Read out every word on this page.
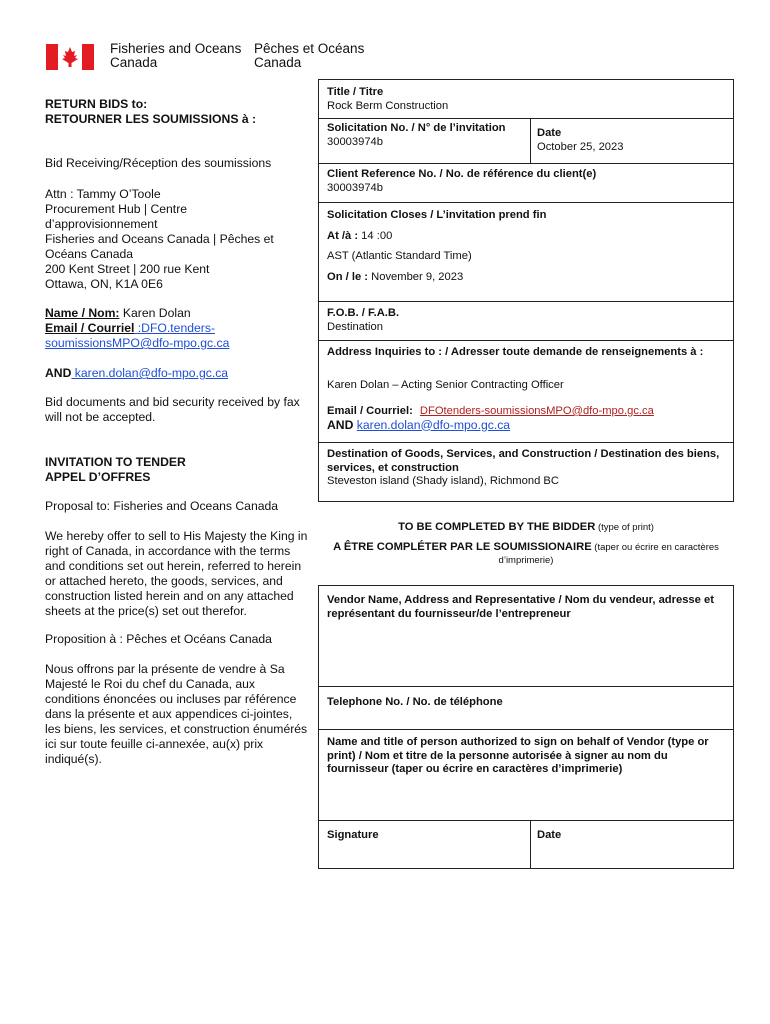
Fisheries and Oceans
Canada
Pêches et Océans
Canada
RETURN BIDS to:
RETOURNER LES SOUMISSIONS à :
Bid Receiving/Réception des soumissions
Attn : Tammy O’Toole
Procurement Hub | Centre
d’approvisionnement
Fisheries and Oceans Canada | Pêches et
Océans Canada
200 Kent Street | 200 rue Kent
Ottawa, ON, K1A 0E6
Name / Nom: Karen Dolan
Email / Courriel :DFO.tenders-
soumissionsMPO@dfo-mpo.gc.ca
AND karen.dolan@dfo-mpo.gc.ca
Bid documents and bid security received by fax will not be accepted.
INVITATION TO TENDER
APPEL D’OFFRES
Proposal to: Fisheries and Oceans Canada
We hereby offer to sell to His Majesty the King in right of Canada, in accordance with the terms and conditions set out herein, referred to herein or attached hereto, the goods, services, and construction listed herein and on any attached sheets at the price(s) set out therefor.
Proposition à : Pêches et Océans Canada
Nous offrons par la présente de vendre à Sa Majesté le Roi du chef du Canada, aux conditions énoncées ou incluses par référence dans la présente et aux appendices ci-jointes, les biens, les services, et construction énumérés ici sur toute feuille ci-annexée, au(x) prix indiqué(s).
Title / Titre
Rock Berm Construction
Solicitation No. / N° de l’invitation
30003974b
Date
October 25, 2023
Client Reference No. / No. de référence du client(e)
30003974b
Solicitation Closes / L’invitation prend fin
At /à : 14 :00
AST (Atlantic Standard Time)
On / le : November 9, 2023
F.O.B. / F.A.B.
Destination
Address Inquiries to : / Adresser toute demande de renseignements à :
Karen Dolan – Acting Senior Contracting Officer
Email / Courriel: DFOtenders-soumissionsMPO@dfo-mpo.gc.ca
AND karen.dolan@dfo-mpo.gc.ca
Destination of Goods, Services, and Construction / Destination des biens, services, et construction
Steveston island (Shady island), Richmond BC
TO BE COMPLETED BY THE BIDDER (type of print)
A ÊTRE COMPLÉTER PAR LE SOUMISSIONAIRE (taper ou écrire en caractères d’imprimerie)
Vendor Name, Address and Representative / Nom du vendeur, adresse et représentant du fournisseur/de l’entrepreneur
Telephone No. / No. de téléphone
Name and title of person authorized to sign on behalf of Vendor (type or print) / Nom et titre de la personne autorisée à signer au nom du fournisseur (taper ou écrire en caractères d’imprimerie)
Signature	Date
